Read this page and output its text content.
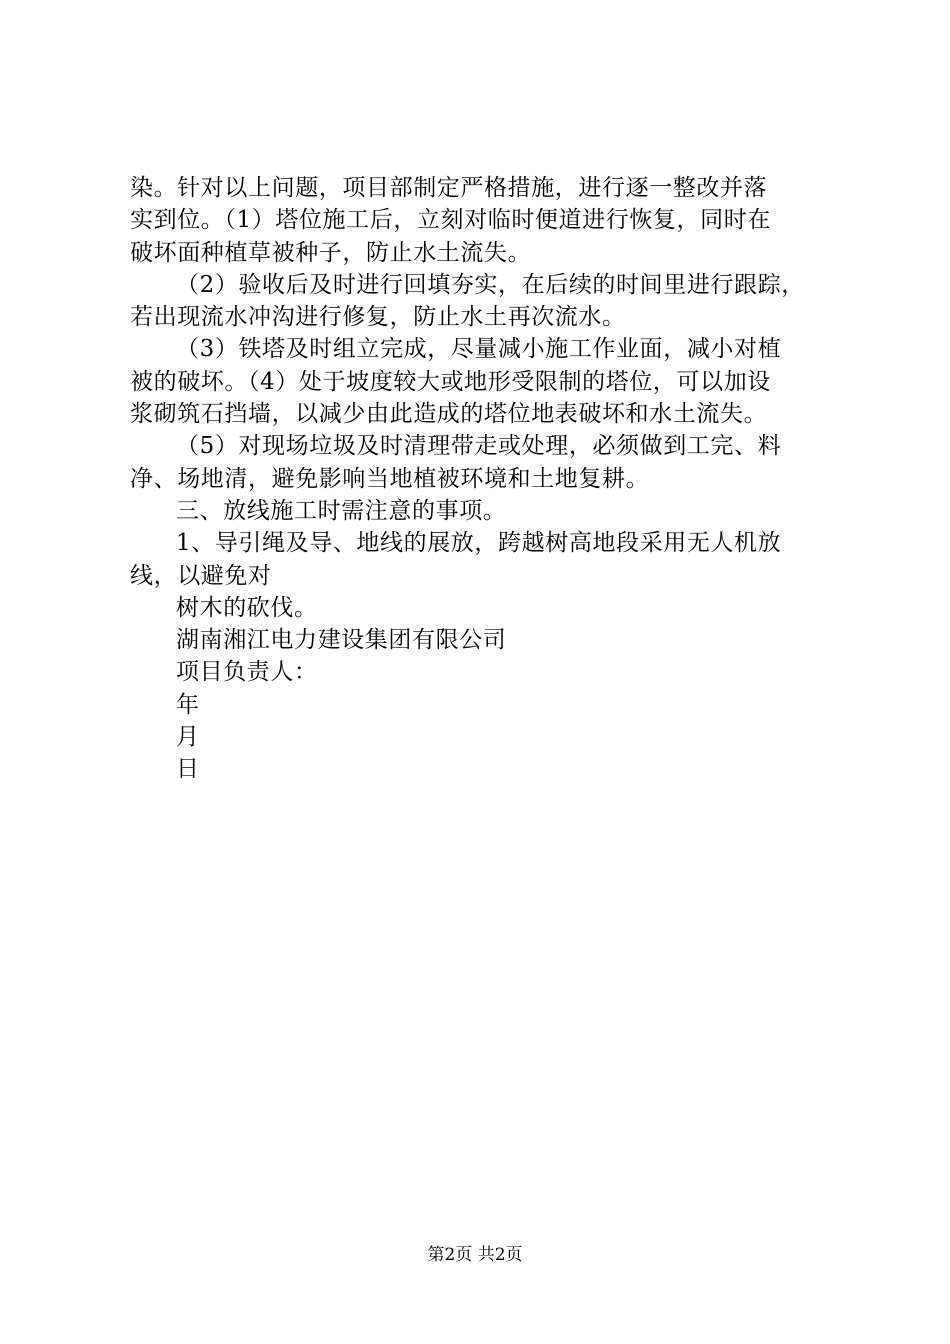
染。针对以上问题，项目部制定严格措施，进行逐一整改并落
实到位。（1）塔位施工后，立刻对临时便道进行恢复，同时在
破坏面种植草被种子，防止水土流失。
（2）验收后及时进行回填夯实，在后续的时间里进行跟踪，
若出现流水冲沟进行修复，防止水土再次流水。
（3）铁塔及时组立完成，尽量减小施工作业面，减小对植
被的破坏。（4）处于坡度较大或地形受限制的塔位，可以加设
浆砌筑石挡墙，以减少由此造成的塔位地表破坏和水土流失。
（5）对现场垃圾及时清理带走或处理，必须做到工完、料
净、场地清，避免影响当地植被环境和土地复耕。
三、放线施工时需注意的事项。
1、导引绳及导、地线的展放，跨越树高地段采用无人机放
线，以避免对
树木的砍伐。
湖南湘江电力建设集团有限公司
项目负责人：
年
月
日
第2页 共2页
